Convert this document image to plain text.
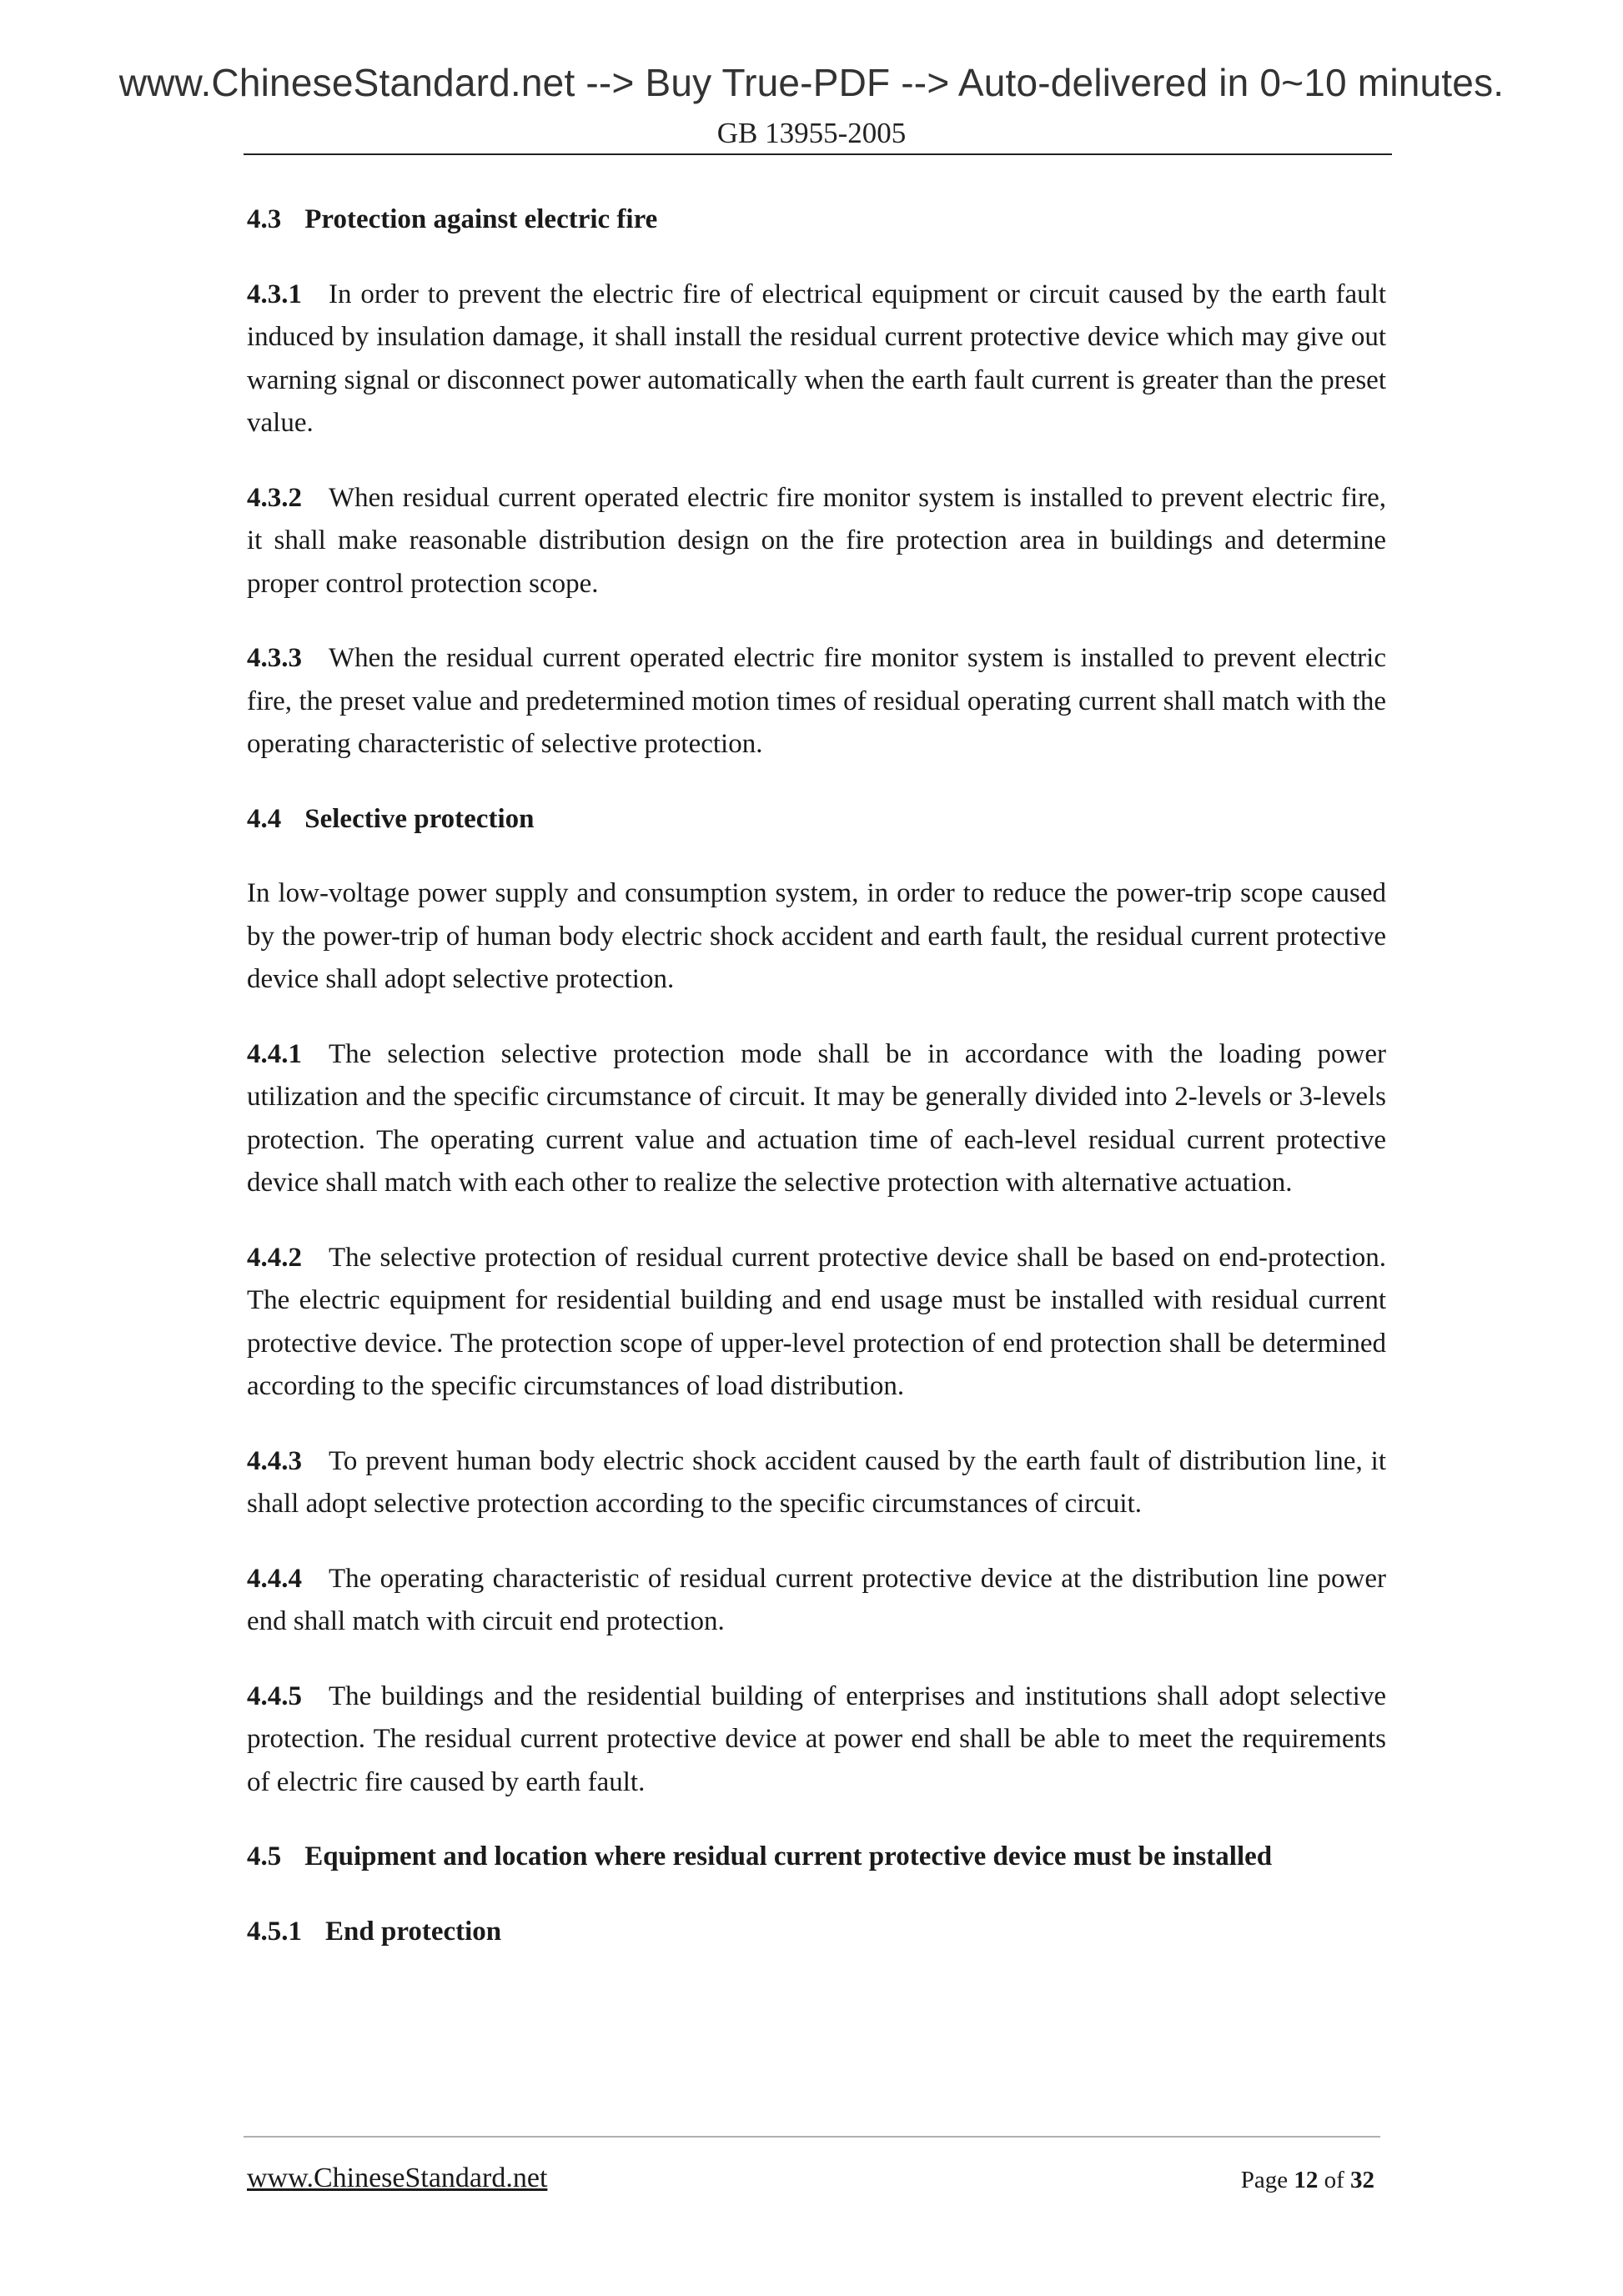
www.ChineseStandard.net --> Buy True-PDF --> Auto-delivered in 0~10 minutes.
GB 13955-2005

4.3 Protection against electric fire

4.3.1 In order to prevent the electric fire of electrical equipment or circuit caused by the earth fault induced by insulation damage, it shall install the residual current protective device which may give out warning signal or disconnect power automatically when the earth fault current is greater than the preset value.

4.3.2 When residual current operated electric fire monitor system is installed to prevent electric fire, it shall make reasonable distribution design on the fire protection area in buildings and determine proper control protection scope.

4.3.3 When the residual current operated electric fire monitor system is installed to prevent electric fire, the preset value and predetermined motion times of residual operating current shall match with the operating characteristic of selective protection.

4.4 Selective protection

In low-voltage power supply and consumption system, in order to reduce the power-trip scope caused by the power-trip of human body electric shock accident and earth fault, the residual current protective device shall adopt selective protection.

4.4.1 The selection selective protection mode shall be in accordance with the loading power utilization and the specific circumstance of circuit. It may be generally divided into 2-levels or 3-levels protection. The operating current value and actuation time of each-level residual current protective device shall match with each other to realize the selective protection with alternative actuation.

4.4.2 The selective protection of residual current protective device shall be based on end-protection. The electric equipment for residential building and end usage must be installed with residual current protective device. The protection scope of upper-level protection of end protection shall be determined according to the specific circumstances of load distribution.

4.4.3 To prevent human body electric shock accident caused by the earth fault of distribution line, it shall adopt selective protection according to the specific circumstances of circuit.

4.4.4 The operating characteristic of residual current protective device at the distribution line power end shall match with circuit end protection.

4.4.5 The buildings and the residential building of enterprises and institutions shall adopt selective protection. The residual current protective device at power end shall be able to meet the requirements of electric fire caused by earth fault.

4.5 Equipment and location where residual current protective device must be installed

4.5.1 End protection

www.ChineseStandard.net	Page 12 of 32
